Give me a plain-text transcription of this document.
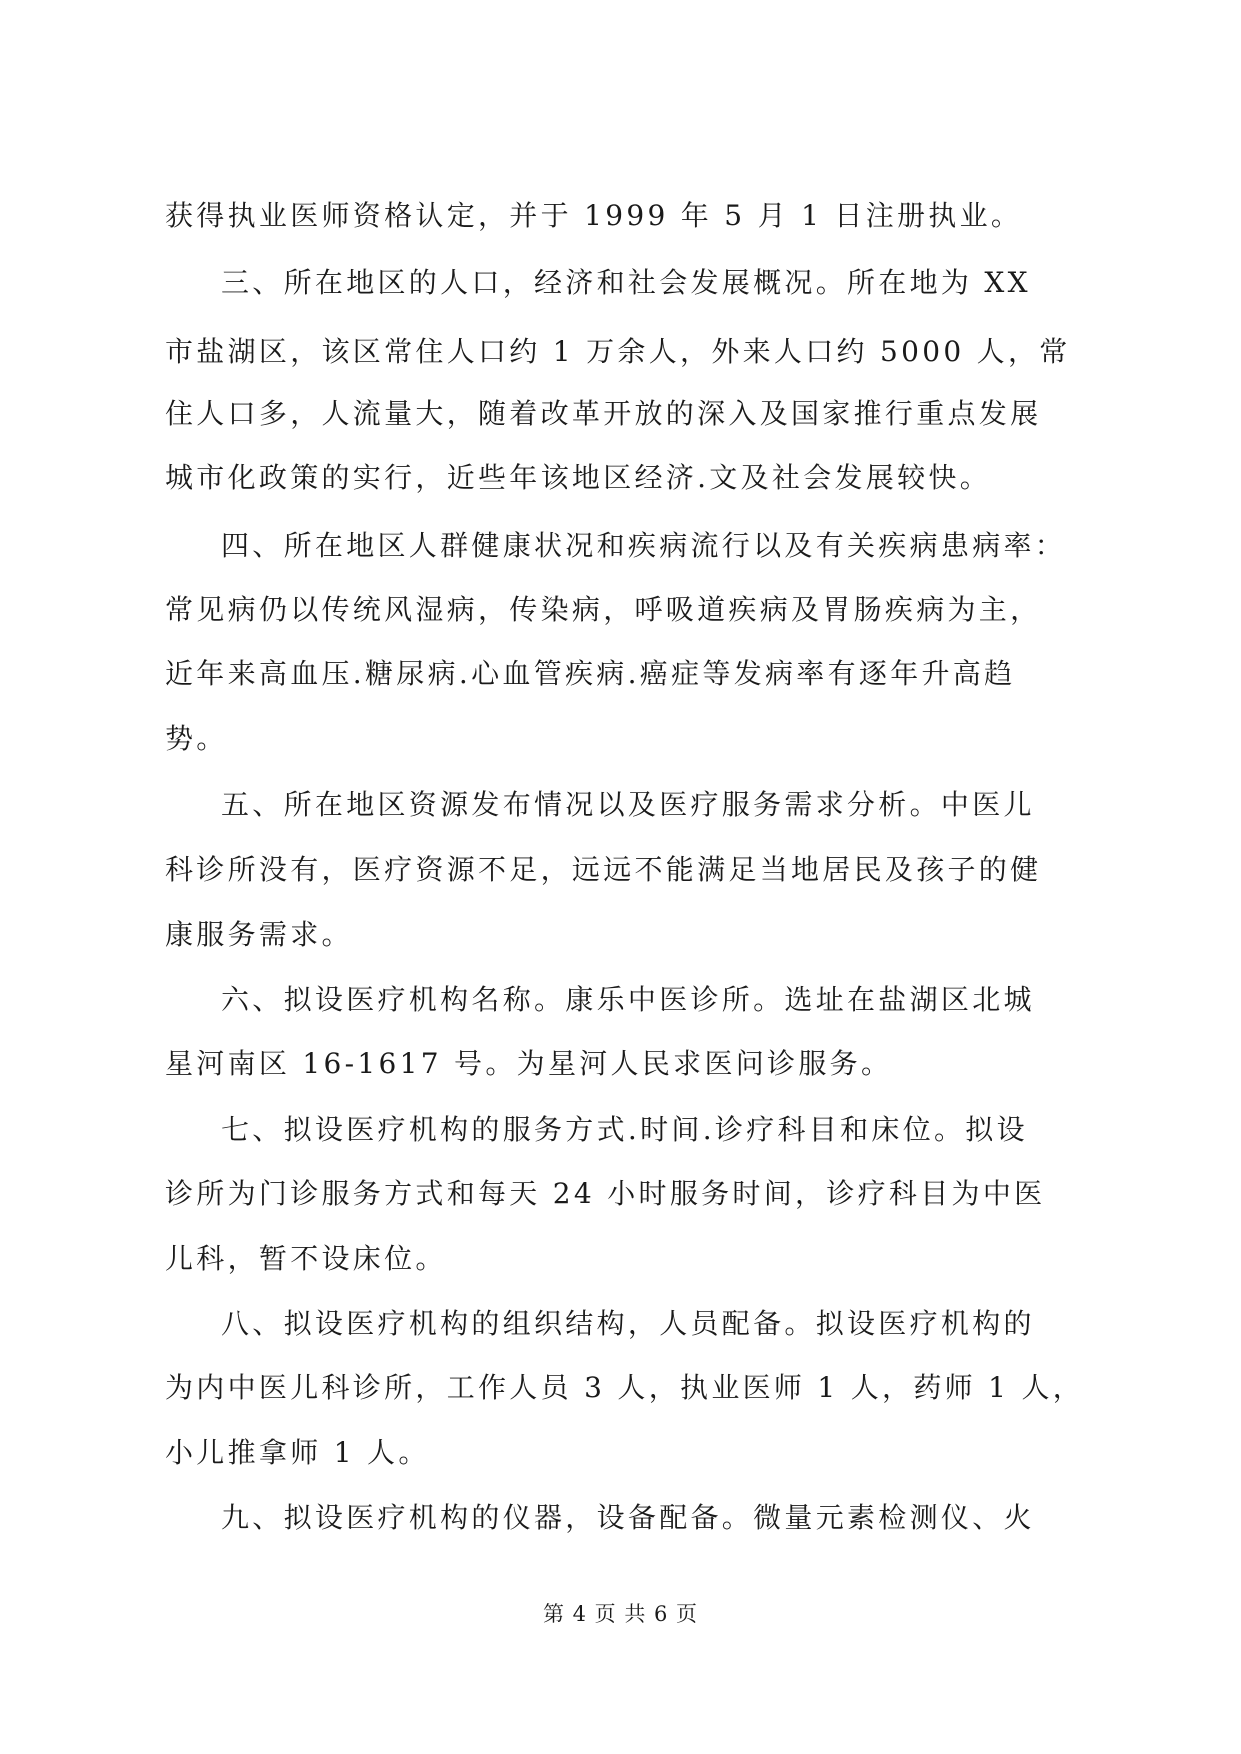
获得执业医师资格认定，并于 1999 年 5 月 1 日注册执业。
三、所在地区的人口，经济和社会发展概况。所在地为 XX
市盐湖区，该区常住人口约 1 万余人，外来人口约 5000 人，常
住人口多，人流量大，随着改革开放的深入及国家推行重点发展
城市化政策的实行，近些年该地区经济.文及社会发展较快。
四、所在地区人群健康状况和疾病流行以及有关疾病患病率：
常见病仍以传统风湿病，传染病，呼吸道疾病及胃肠疾病为主，
近年来高血压.糖尿病.心血管疾病.癌症等发病率有逐年升高趋
势。
五、所在地区资源发布情况以及医疗服务需求分析。中医儿
科诊所没有，医疗资源不足，远远不能满足当地居民及孩子的健
康服务需求。
六、拟设医疗机构名称。康乐中医诊所。选址在盐湖区北城
星河南区 16-1617 号。为星河人民求医问诊服务。
七、拟设医疗机构的服务方式.时间.诊疗科目和床位。拟设
诊所为门诊服务方式和每天 24 小时服务时间，诊疗科目为中医
儿科，暂不设床位。
八、拟设医疗机构的组织结构，人员配备。拟设医疗机构的
为内中医儿科诊所，工作人员 3 人，执业医师 1 人，药师 1 人，
小儿推拿师 1 人。
九、拟设医疗机构的仪器，设备配备。微量元素检测仪、火
第 4 页 共 6 页
